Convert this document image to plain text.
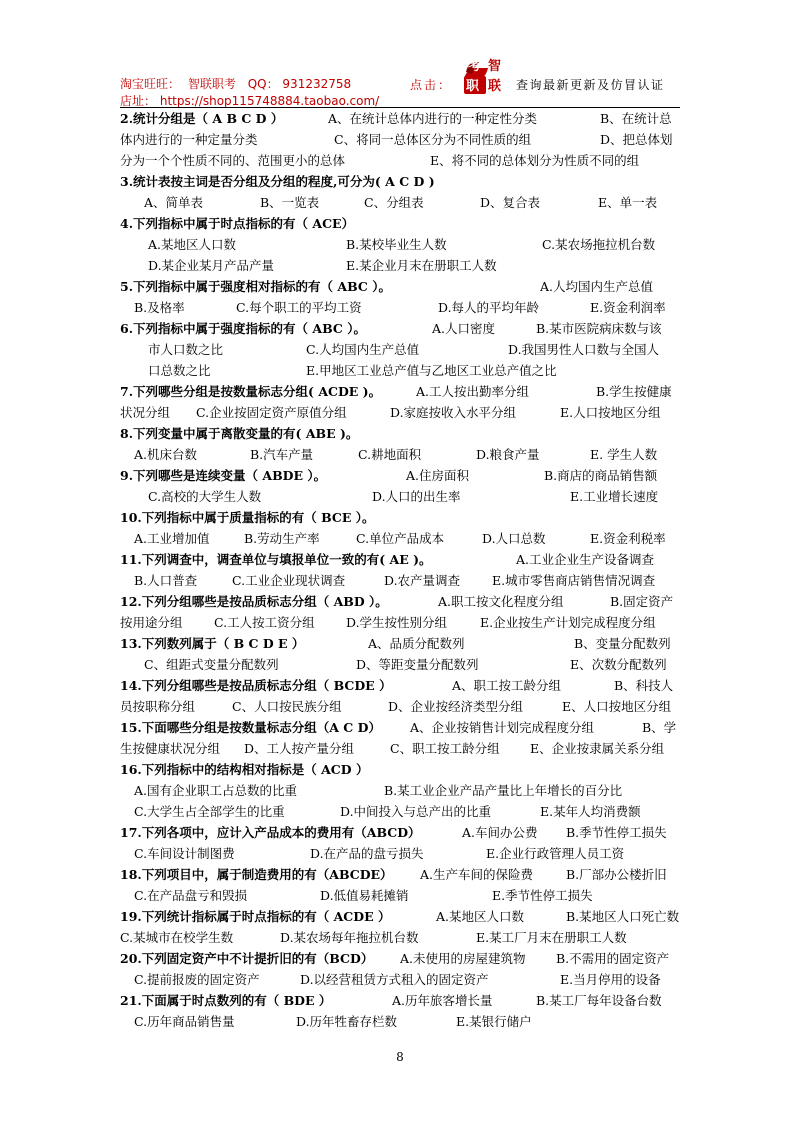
淘宝旺旺： 智联职考 QQ： 931232758
店址： https://shop115748884.taobao.com/
点击：
考 智
职 联 查询最新更新及仿冒认证
2.统计分组是（ A B C D ）	A、在统计总体内进行的一种定性分类	B、在统计总
体内进行的一种定量分类	C、将同一总体区分为不同性质的组	D、把总体划
分为一个个性质不同的、范围更小的总体	E、将不同的总体划分为性质不同的组
3.统计表按主词是否分组及分组的程度,可分为( A C D )
A、简单表	B、一览表	C、分组表	D、复合表	E、单一表
4.下列指标中属于时点指标的有（ ACE）
A.某地区人口数	B.某校毕业生人数	C.某农场拖拉机台数
D.某企业某月产品产量	E.某企业月末在册职工人数
5.下列指标中属于强度相对指标的有（ ABC ）。	A.人均国内生产总值
B.及格率	C.每个职工的平均工资	D.每人的平均年龄	E.资金利润率
6.下列指标中属于强度指标的有（ ABC ）。	A.人口密度	B.某市医院病床数与该
市人口数之比	C.人均国内生产总值	D.我国男性人口数与全国人
口总数之比	E.甲地区工业总产值与乙地区工业总产值之比
7.下列哪些分组是按数量标志分组( ACDE )。	A.工人按出勤率分组	B.学生按健康
状况分组 C.企业按固定资产原值分组	D.家庭按收入水平分组	E.人口按地区分组
8.下列变量中属于离散变量的有( ABE )。
A.机床台数	B.汽车产量	C.耕地面积	D.粮食产量	E. 学生人数
9.下列哪些是连续变量（ ABDE ）。	A.住房面积	B.商店的商品销售额
C.高校的大学生人数	D.人口的出生率	E.工业增长速度
10.下列指标中属于质量指标的有（ BCE ）。
A.工业增加值	B.劳动生产率	C.单位产品成本	D.人口总数	E.资金利税率
11.下列调查中，调查单位与填报单位一致的有( AE )。	A.工业企业生产设备调查
B.人口普查	C.工业企业现状调查	D.农产量调查	E.城市零售商店销售情况调查
12.下列分组哪些是按品质标志分组（ ABD ）。	A.职工按文化程度分组	B.固定资产
按用途分组	C.工人按工资分组	D.学生按性别分组	E.企业按生产计划完成程度分组
13.下列数列属于（ B C D E ）	A、品质分配数列	B、变量分配数列
C、组距式变量分配数列	D、等距变量分配数列	E、次数分配数列
14.下列分组哪些是按品质标志分组（ BCDE ）	A、职工按工龄分组	B、科技人
员按职称分组	C、人口按民族分组	D、企业按经济类型分组	E、人口按地区分组
15.下面哪些分组是按数量标志分组（A C D） A、企业按销售计划完成程度分组	B、学
生按健康状况分组 D、工人按产量分组	C、职工按工龄分组 E、企业按隶属关系分组
16.下列指标中的结构相对指标是（ ACD ）
A.国有企业职工占总数的比重	B.某工业企业产品产量比上年增长的百分比
C.大学生占全部学生的比重	D.中间投入与总产出的比重	E.某年人均消费额
17.下列各项中，应计入产品成本的费用有（ABCD）	A.车间办公费 B.季节性停工损失
C.车间设计制图费	D.在产品的盘亏损失	E.企业行政管理人员工资
18.下列项目中，属于制造费用的有（ABCDE） A.生产车间的保险费	B.厂部办公楼折旧
C.在产品盘亏和毁损	D.低值易耗摊销	E.季节性停工损失
19.下列统计指标属于时点指标的有（ ACDE ）	A.某地区人口数	B.某地区人口死亡数
C.某城市在校学生数	D.某农场每年拖拉机台数	E.某工厂月末在册职工人数
20.下列固定资产中不计提折旧的有（BCD） A.未使用的房屋建筑物 B.不需用的固定资产
C.提前报废的固定资产	D.以经营租赁方式租入的固定资产	E.当月停用的设备
21.下面属于时点数列的有（ BDE ）	A.历年旅客增长量	B.某工厂每年设备台数
C.历年商品销售量	D.历年牲畜存栏数	E.某银行储户
8
